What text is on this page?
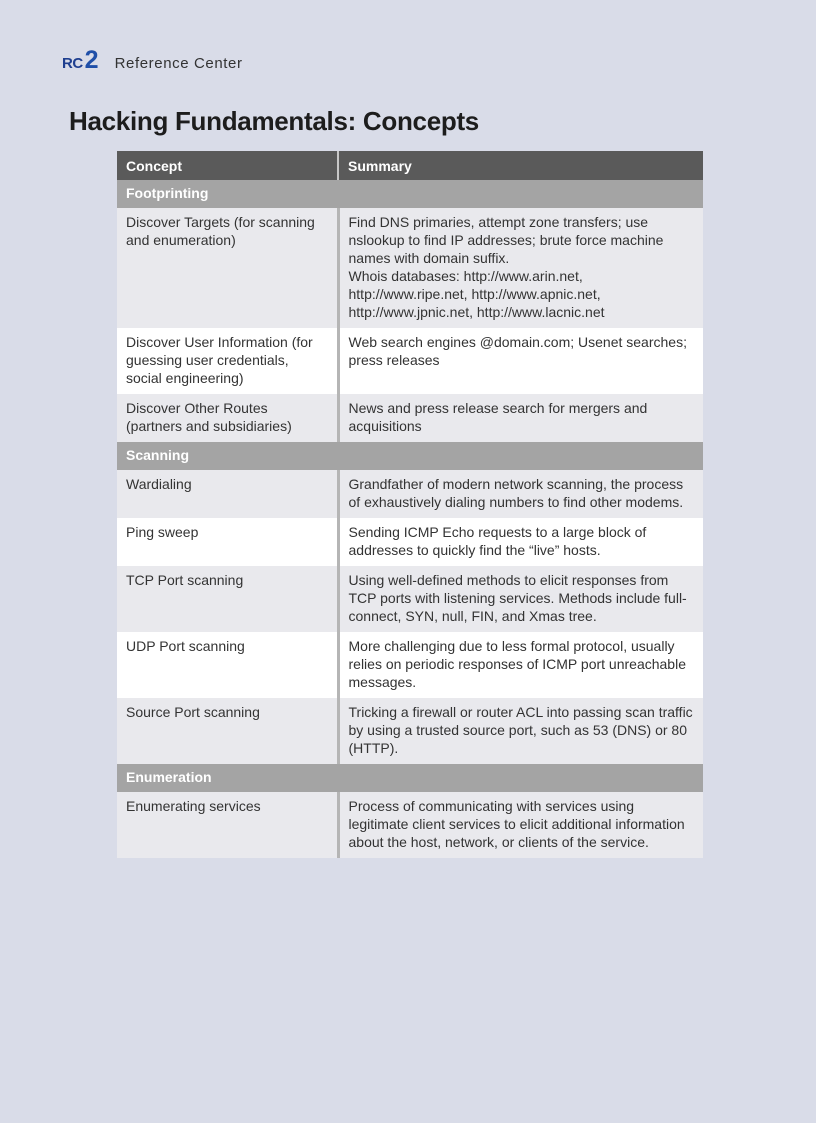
RC 2 Reference Center
Hacking Fundamentals: Concepts
Concept	Summary
Footprinting	
Discover Targets (for scanning and enumeration)	Find DNS primaries, attempt zone transfers; use nslookup to find IP addresses; brute force machine names with domain suffix.
Whois databases: http://www.arin.net, http://www.ripe.net, http://www.apnic.net, http://www.jpnic.net, http://www.lacnic.net

Discover User Information (for guessing user credentials, social engineering)	Web search engines @domain.com; Usenet searches; press releases
Discover Other Routes (partners and subsidiaries)	News and press release search for mergers and acquisitions
Scanning	
Wardialing	Grandfather of modern network scanning, the process of exhaustively dialing numbers to find other modems.
Ping sweep	Sending ICMP Echo requests to a large block of addresses to quickly find the “live” hosts.
TCP Port scanning	Using well-defined methods to elicit responses from TCP ports with listening services. Methods include full-connect, SYN, null, FIN, and Xmas tree.
UDP Port scanning	More challenging due to less formal protocol, usually relies on periodic responses of ICMP port unreachable messages.
Source Port scanning	Tricking a firewall or router ACL into passing scan traffic by using a trusted source port, such as 53 (DNS) or 80 (HTTP).
Enumeration	
Enumerating services	Process of communicating with services using legitimate client services to elicit additional information about the host, network, or clients of the service.
